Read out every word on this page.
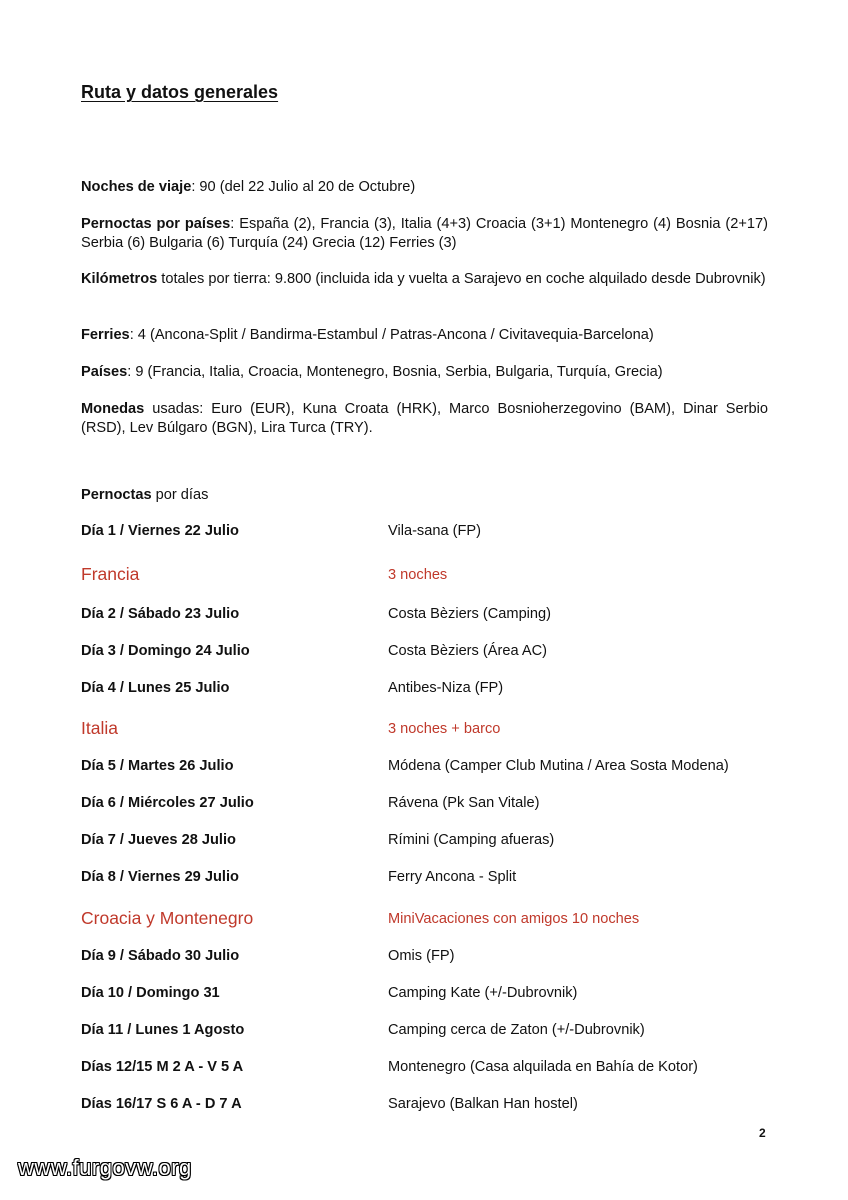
Ruta y datos generales
Noches de viaje: 90 (del 22 Julio al 20 de Octubre)
Pernoctas por países: España (2), Francia (3), Italia (4+3) Croacia (3+1) Montenegro (4) Bosnia (2+17) Serbia (6) Bulgaria (6) Turquía (24) Grecia (12) Ferries (3)
Kilómetros totales por tierra: 9.800 (incluida ida y vuelta a Sarajevo en coche alquilado desde Dubrovnik)
Ferries: 4 (Ancona-Split / Bandirma-Estambul / Patras-Ancona / Civitavequia-Barcelona)
Países: 9 (Francia, Italia, Croacia, Montenegro, Bosnia, Serbia, Bulgaria, Turquía, Grecia)
Monedas usadas: Euro (EUR), Kuna Croata (HRK), Marco Bosnioherzegovino (BAM), Dinar Serbio (RSD), Lev Búlgaro (BGN), Lira Turca (TRY).
Pernoctas por días
Día 1 / Viernes 22 Julio	Vila-sana (FP)
Francia	3 noches
Día 2 / Sábado 23 Julio	Costa Bèziers (Camping)
Día 3 / Domingo 24 Julio	Costa Bèziers (Área AC)
Día 4 / Lunes 25 Julio	Antibes-Niza (FP)
Italia	3 noches + barco
Día 5 / Martes 26 Julio	Módena (Camper Club Mutina / Area Sosta Modena)
Día 6 / Miércoles 27 Julio	Rávena (Pk San Vitale)
Día 7 / Jueves 28 Julio	Rímini (Camping afueras)
Día 8 / Viernes 29 Julio	Ferry Ancona - Split
Croacia y Montenegro	MiniVacaciones con amigos 10 noches
Día 9 / Sábado 30 Julio	Omis (FP)
Día 10 / Domingo 31	Camping Kate (+/-Dubrovnik)
Día 11 / Lunes 1 Agosto	Camping cerca de Zaton (+/-Dubrovnik)
Días 12/15 M 2 A - V 5 A	Montenegro (Casa alquilada en Bahía de Kotor)
Días 16/17 S 6 A - D 7 A	Sarajevo (Balkan Han hostel)
2
www.furgovw.org
